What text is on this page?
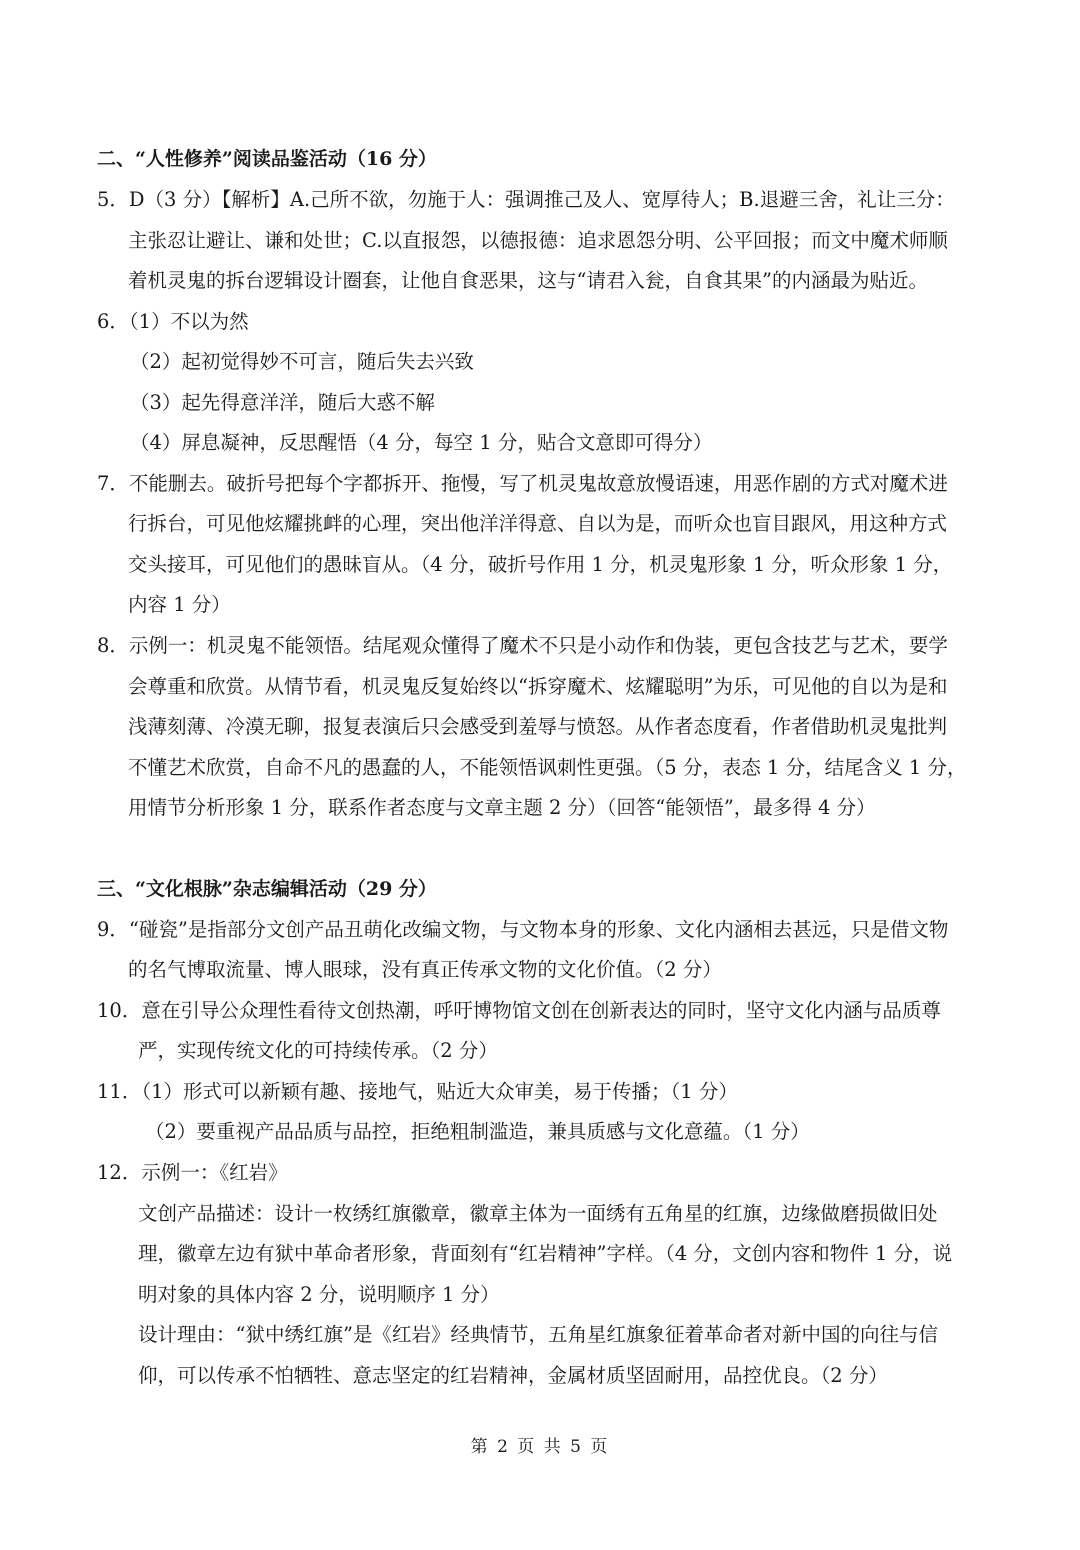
二、“人性修养”阅读品鉴活动（16 分）
5．D（3 分）【解析】A.己所不欲，勿施于人：强调推己及人、宽厚待人；B.退避三舍，礼让三分：
主张忍让避让、谦和处世；C.以直报怨，以德报德：追求恩怨分明、公平回报；而文中魔术师顺
着机灵鬼的拆台逻辑设计圈套，让他自食恶果，这与“请君入瓮，自食其果”的内涵最为贴近。
6．（1）不以为然
（2）起初觉得妙不可言，随后失去兴致
（3）起先得意洋洋，随后大惑不解
（4）屏息凝神，反思醒悟（4 分，每空 1 分，贴合文意即可得分）
7．不能删去。破折号把每个字都拆开、拖慢，写了机灵鬼故意放慢语速，用恶作剧的方式对魔术进
行拆台，可见他炫耀挑衅的心理，突出他洋洋得意、自以为是，而听众也盲目跟风，用这种方式
交头接耳，可见他们的愚昧盲从。（4 分，破折号作用 1 分，机灵鬼形象 1 分，听众形象 1 分，
内容 1 分）
8．示例一：机灵鬼不能领悟。结尾观众懂得了魔术不只是小动作和伪装，更包含技艺与艺术，要学
会尊重和欣赏。从情节看，机灵鬼反复始终以“拆穿魔术、炫耀聪明”为乐，可见他的自以为是和
浅薄刻薄、冷漠无聊，报复表演后只会感受到羞辱与愤怒。从作者态度看，作者借助机灵鬼批判
不懂艺术欣赏，自命不凡的愚蠢的人，不能领悟讽刺性更强。（5 分，表态 1 分，结尾含义 1 分，
用情节分析形象 1 分，联系作者态度与文章主题 2 分）（回答“能领悟”，最多得 4 分）
三、“文化根脉”杂志编辑活动（29 分）
9．“碰瓷”是指部分文创产品丑萌化改编文物，与文物本身的形象、文化内涵相去甚远，只是借文物
的名气博取流量、博人眼球，没有真正传承文物的文化价值。（2 分）
10．意在引导公众理性看待文创热潮，呼吁博物馆文创在创新表达的同时，坚守文化内涵与品质尊
严，实现传统文化的可持续传承。（2 分）
11．（1）形式可以新颖有趣、接地气，贴近大众审美，易于传播；（1 分）
（2）要重视产品品质与品控，拒绝粗制滥造，兼具质感与文化意蕴。（1 分）
12．示例一：《红岩》
文创产品描述：设计一枚绣红旗徽章，徽章主体为一面绣有五角星的红旗，边缘做磨损做旧处
理，徽章左边有狱中革命者形象，背面刻有“红岩精神”字样。（4 分，文创内容和物件 1 分，说
明对象的具体内容 2 分，说明顺序 1 分）
设计理由：“狱中绣红旗”是《红岩》经典情节，五角星红旗象征着革命者对新中国的向往与信
仰，可以传承不怕牺牲、意志坚定的红岩精神，金属材质坚固耐用，品控优良。（2 分）
第 2 页 共 5 页
